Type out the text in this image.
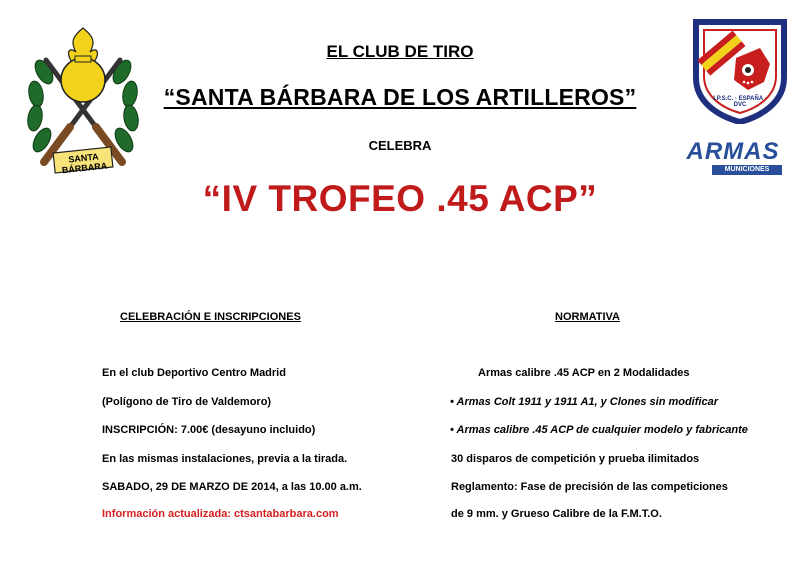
SANTA BÁRBARA
I.P.S.C. · ESPAÑA · DVC
ARMAS
MUNICIONES
EL CLUB DE TIRO
“SANTA BÁRBARA DE LOS ARTILLEROS”
CELEBRA
“IV TROFEO .45 ACP”
CELEBRACIÓN E INSCRIPCIONES
En el club Deportivo Centro Madrid
(Polígono de Tiro de Valdemoro)
INSCRIPCIÓN: 7.00€ (desayuno incluido)
En las mismas instalaciones, previa a la tirada.
SABADO, 29 DE MARZO DE 2014, a las 10.00 a.m.
Información actualizada: ctsantabarbara.com
NORMATIVA
Armas calibre .45 ACP en 2 Modalidades
• Armas Colt 1911 y 1911 A1, y Clones sin modificar
• Armas calibre .45 ACP de cualquier modelo y fabricante
30 disparos de competición y prueba ilimitados
Reglamento: Fase de precisión de las competiciones
de 9 mm. y Grueso Calibre de la F.M.T.O.
